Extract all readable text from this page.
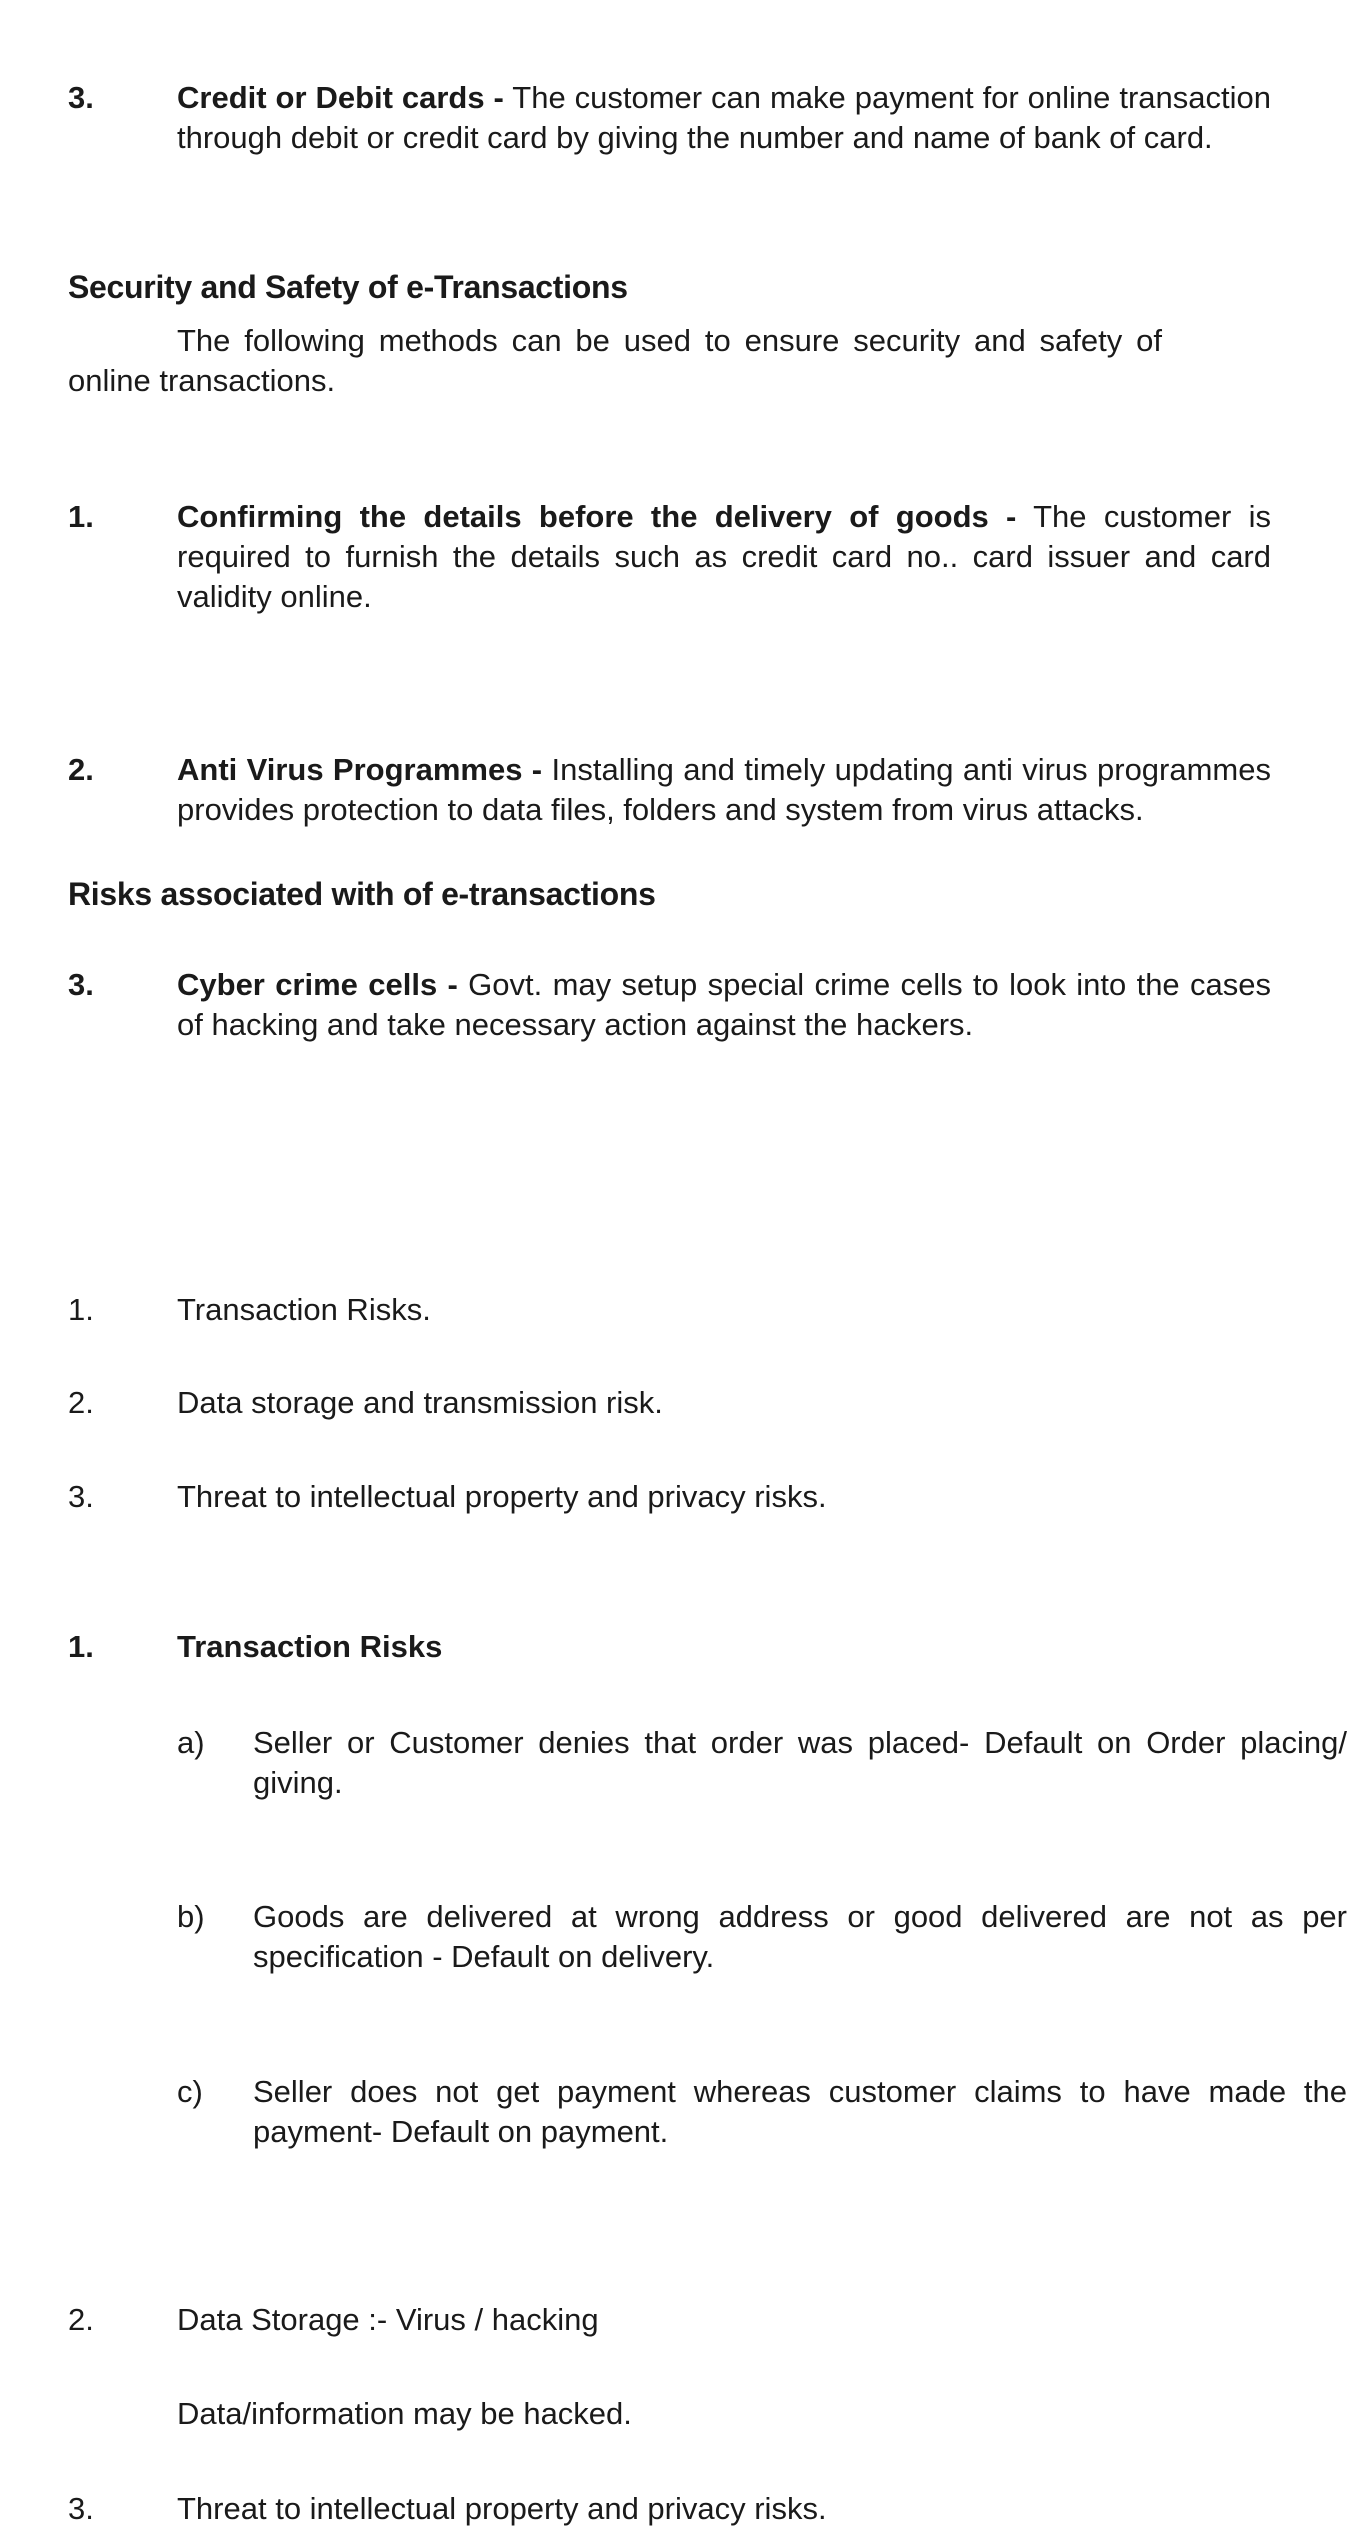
3.	Credit or Debit cards - The customer can make payment for online transaction through debit or credit card by giving the number and name of bank of card.
Security and Safety of e-Transactions
The following methods can be used to ensure security and safety of online transactions.
1.	Confirming the details before the delivery of goods - The customer is required to furnish the details such as credit card no.. card issuer and card validity online.
2.	Anti Virus Programmes - Installing and timely updating anti virus programmes provides protection to data files, folders and system from virus attacks.
3.	Cyber crime cells - Govt. may setup special crime cells to look into the cases of hacking and take necessary action against the hackers.
Risks associated with of e-transactions
1.	Transaction Risks.
2.	Data storage and transmission risk.
3.	Threat to intellectual property and privacy risks.
1.	Transaction Risks
a) Seller or Customer denies that order was placed- Default on Order placing/ giving.
b) Goods are delivered at wrong address or good delivered are not as per specification - Default on delivery.
c) Seller does not get payment whereas customer claims to have made the payment- Default on payment.
2.	Data Storage :- Virus / hacking
Data/information may be hacked.
3.	Threat to intellectual property and privacy risks.
